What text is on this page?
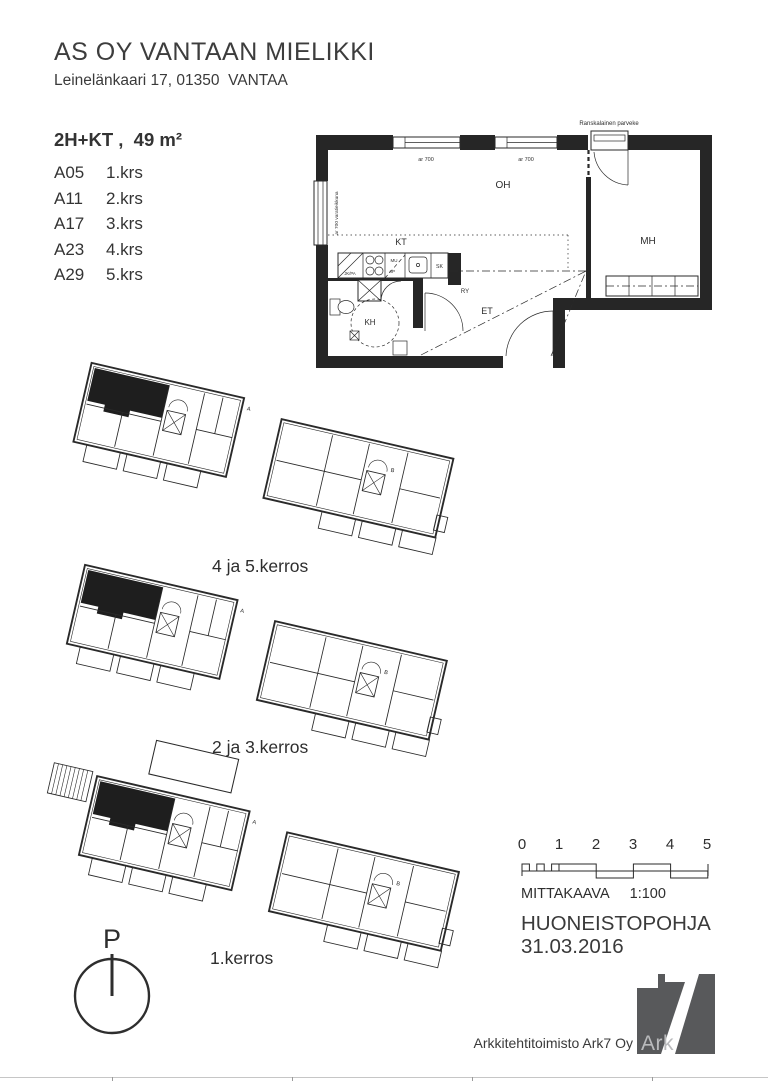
AS OY VANTAAN MIELIKKI
Leinelänkaari 17, 01350  VANTAA
2H+KT ,  49 m²
A05	1.krs
A11	2.krs
A17	3.krs
A23	4.krs
A29	5.krs
Ranskalainen parveke
ar 700	ar 700
ar 700 varatieikkuna
OH
MH
KT
KH
ET
RY
JK/PA
MU
AP
SK
A
B
4 ja 5.kerros
A
B
2 ja 3.kerros
A
B
1.kerros
P
0 1 2 3 4 5
MITTAKAAVA 1:100
HUONEISTOPOHJA
31.03.2016
Arkkitehtitoimisto Ark7 Oy Ark
